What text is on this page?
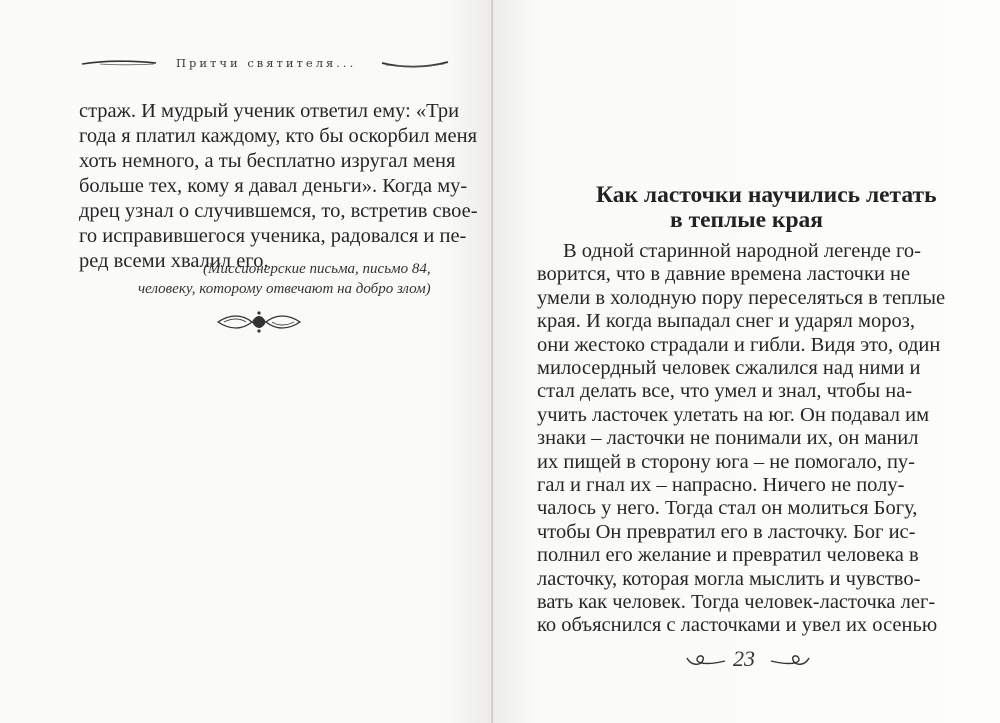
Притчи святителя...
страж. И мудрый ученик ответил ему: «Три
года я платил каждому, кто бы оскорбил меня
хоть немного, а ты бесплатно изругал меня
больше тех, кому я давал деньги». Когда му-
дрец узнал о случившемся, то, встретив свое-
го исправившегося ученика, радовался и пе-
ред всеми хвалил его.
(Миссионерские письма, письмо 84,
человеку, которому отвечают на добро злом)
Как ласточки научились летать
в теплые края
В одной старинной народной легенде го-
ворится, что в давние времена ласточки не
умели в холодную пору переселяться в теплые
края. И когда выпадал снег и ударял мороз,
они жестоко страдали и гибли. Видя это, один
милосердный человек сжалился над ними и
стал делать все, что умел и знал, чтобы на-
учить ласточек улетать на юг. Он подавал им
знаки – ласточки не понимали их, он манил
их пищей в сторону юга – не помогало, пу-
гал и гнал их – напрасно. Ничего не полу-
чалось у него. Тогда стал он молиться Богу,
чтобы Он превратил его в ласточку. Бог ис-
полнил его желание и превратил человека в
ласточку, которая могла мыслить и чувство-
вать как человек. Тогда человек-ласточка лег-
ко объяснился с ласточками и увел их осенью
23
